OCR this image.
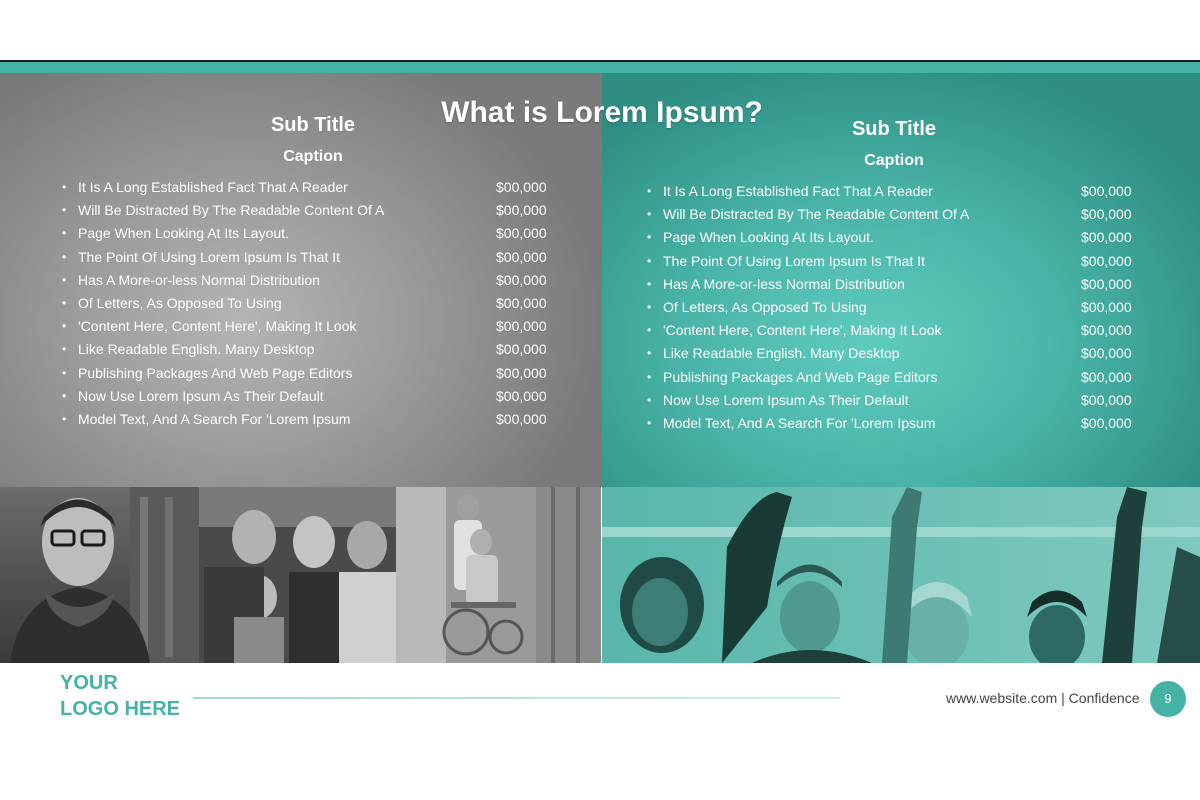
What is Lorem Ipsum?
Sub Title
Caption
• It Is A Long Established Fact That A Reader	$00,000
• Will Be Distracted By The Readable Content Of A	$00,000
• Page When Looking At Its Layout.	$00,000
• The Point Of Using Lorem Ipsum Is That It	$00,000
• Has A More-or-less Normal Distribution	$00,000
• Of Letters, As Opposed To Using	$00,000
• 'Content Here, Content Here', Making It Look	$00,000
• Like Readable English. Many Desktop	$00,000
• Publishing Packages And Web Page Editors	$00,000
• Now Use Lorem Ipsum As Their Default	$00,000
• Model Text, And A Search For 'Lorem Ipsum	$00,000
Sub Title
Caption
• It Is A Long Established Fact That A Reader	$00,000
• Will Be Distracted By The Readable Content Of A	$00,000
• Page When Looking At Its Layout.	$00,000
• The Point Of Using Lorem Ipsum Is That It	$00,000
• Has A More-or-less Normal Distribution	$00,000
• Of Letters, As Opposed To Using	$00,000
• 'Content Here, Content Here', Making It Look	$00,000
• Like Readable English. Many Desktop	$00,000
• Publishing Packages And Web Page Editors	$00,000
• Now Use Lorem Ipsum As Their Default	$00,000
• Model Text, And A Search For 'Lorem Ipsum	$00,000
YOUR
LOGO HERE	www.website.com | Confidence	9
